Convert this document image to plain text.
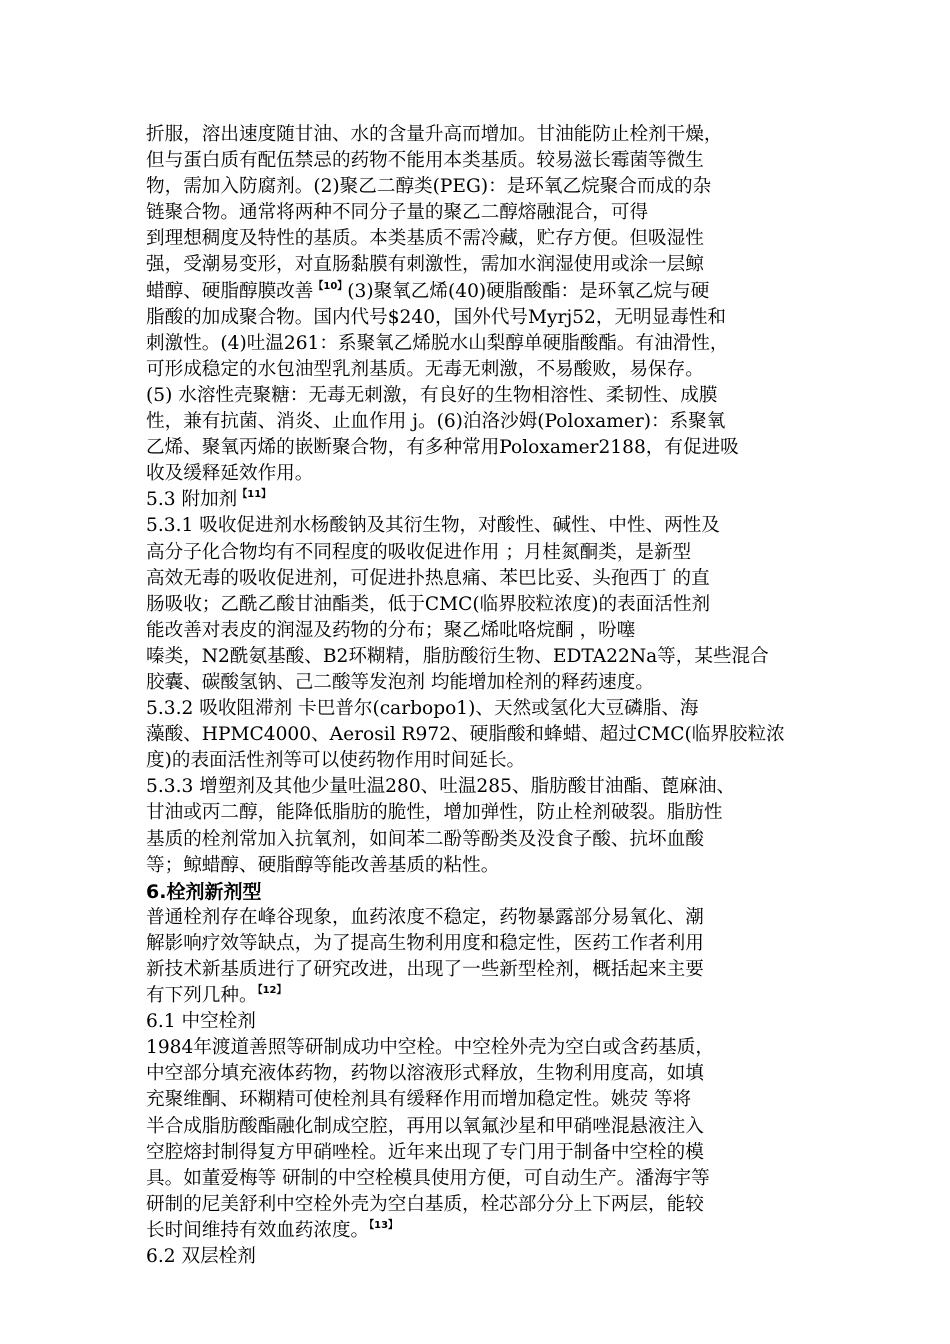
折服，溶出速度随甘油、水的含量升高而增加。甘油能防止栓剂干燥，
但与蛋白质有配伍禁忌的药物不能用本类基质。较易滋长霉菌等微生
物，需加入防腐剂。(2)聚乙二醇类(PEG)：是环氧乙烷聚合而成的杂
链聚合物。通常将两种不同分子量的聚乙二醇熔融混合，可得
到理想稠度及特性的基质。本类基质不需冷藏，贮存方便。但吸湿性
强，受潮易变形，对直肠黏膜有刺激性，需加水润湿使用或涂一层鲸
蜡醇、硬脂醇膜改善$^{【10】}$(3)聚氧乙烯(40)硬脂酸酯：是环氧乙烷与硬
脂酸的加成聚合物。国内代号$240，国外代号Myrj52，无明显毒性和
刺激性。(4)吐温261：系聚氧乙烯脱水山梨醇单硬脂酸酯。有油滑性，
可形成稳定的水包油型乳剂基质。无毒无刺激，不易酸败，易保存。
(5) 水溶性壳聚糖：无毒无刺激，有良好的生物相溶性、柔韧性、成膜
性，兼有抗菌、消炎、止血作用 j。(6)泊洛沙姆(Poloxamer)：系聚氧
乙烯、聚氧丙烯的嵌断聚合物，有多种常用Poloxamer2188，有促进吸
收及缓释延效作用。
5.3 附加剂$^{【11】}$
5.3.1 吸收促进剂水杨酸钠及其衍生物，对酸性、碱性、中性、两性及
高分子化合物均有不同程度的吸收促进作用 ；月桂氮酮类，是新型
高效无毒的吸收促进剂，可促进扑热息痛、苯巴比妥、头孢西丁 的直
肠吸收；乙酰乙酸甘油酯类，低于CMC(临界胶粒浓度)的表面活性剂
能改善对表皮的润湿及药物的分布；聚乙烯吡咯烷酮 ，吩噻
嗪类，N2酰氨基酸、B2环糊精，脂肪酸衍生物、EDTA22Na等，某些混合
胶囊、碳酸氢钠、己二酸等发泡剂 均能增加栓剂的释药速度。
5.3.2 吸收阻滞剂 卡巴普尔(carbopo1)、天然或氢化大豆磷脂、海
藻酸、HPMC4000、Aerosil R972、硬脂酸和蜂蜡、超过CMC(临界胶粒浓
度)的表面活性剂等可以使药物作用时间延长。
5.3.3 增塑剂及其他少量吐温280、吐温285、脂肪酸甘油酯、蓖麻油、
甘油或丙二醇，能降低脂肪的脆性，增加弹性，防止栓剂破裂。脂肪性
基质的栓剂常加入抗氧剂，如间苯二酚等酚类及没食子酸、抗坏血酸
等；鲸蜡醇、硬脂醇等能改善基质的粘性。
6.栓剂新剂型
普通栓剂存在峰谷现象，血药浓度不稳定，药物暴露部分易氧化、潮
解影响疗效等缺点，为了提高生物利用度和稳定性，医药工作者利用
新技术新基质进行了研究改进，出现了一些新型栓剂，概括起来主要
有下列几种。$^{【12】}$
6.1 中空栓剂
1984年渡道善照等研制成功中空栓。中空栓外壳为空白或含药基质，
中空部分填充液体药物，药物以溶液形式释放，生物利用度高，如填
充聚维酮、环糊精可使栓剂具有缓释作用而增加稳定性。姚荧 等将
半合成脂肪酸酯融化制成空腔，再用以氧氟沙星和甲硝唑混悬液注入
空腔熔封制得复方甲硝唑栓。近年来出现了专门用于制备中空栓的模
具。如董爱梅等 研制的中空栓模具使用方便，可自动生产。潘海宇等
研制的尼美舒利中空栓外壳为空白基质，栓芯部分分上下两层，能较
长时间维持有效血药浓度。$^{【13】}$
6.2 双层栓剂
